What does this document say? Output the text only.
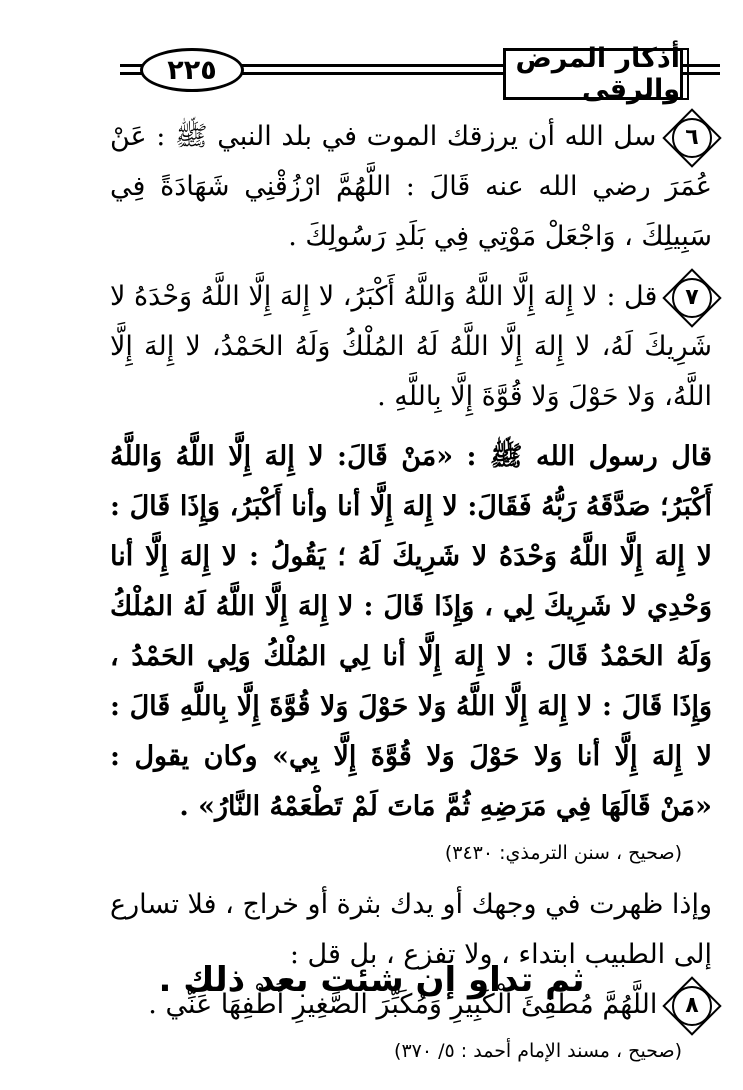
٢٢٥	أذكار المرض والرقى

٦ سل الله أن يرزقك الموت في بلد النبي ﷺ : عَنْ عُمَرَ رضي الله عنه قَالَ : اللَّهُمَّ ارْزُقْنِي شَهَادَةً فِي سَبِيلِكَ ، وَاجْعَلْ مَوْتِي فِي بَلَدِ رَسُولِكَ .

٧ قل : لا إِلهَ إِلَّا اللَّهُ وَاللَّهُ أَكْبَرُ، لا إِلهَ إِلَّا اللَّهُ وَحْدَهُ لا شَرِيكَ لَهُ، لا إِلهَ إِلَّا اللَّهُ لَهُ المُلْكُ وَلَهُ الحَمْدُ، لا إِلهَ إِلَّا اللَّهُ، وَلا حَوْلَ وَلا قُوَّةَ إِلَّا بِاللَّهِ .

قال رسول الله ﷺ : «مَنْ قَالَ: لا إِلهَ إِلَّا اللَّهُ وَاللَّهُ أَكْبَرُ؛ صَدَّقَهُ رَبُّهُ فَقَالَ: لا إِلهَ إِلَّا أنا وأنا أَكْبَرُ، وَإِذَا قَالَ : لا إِلهَ إِلَّا اللَّهُ وَحْدَهُ لا شَرِيكَ لَهُ ؛ يَقُولُ : لا إِلهَ إِلَّا أنا وَحْدِي لا شَرِيكَ لِي ، وَإِذَا قَالَ : لا إِلهَ إِلَّا اللَّهُ لَهُ المُلْكُ وَلَهُ الحَمْدُ قَالَ : لا إِلهَ إِلَّا أنا لِي المُلْكُ وَلِي الحَمْدُ ، وَإِذَا قَالَ : لا إِلهَ إِلَّا اللَّهُ وَلا حَوْلَ وَلا قُوَّةَ إِلَّا بِاللَّهِ قَالَ : لا إِلهَ إِلَّا أنا وَلا حَوْلَ وَلا قُوَّةَ إِلَّا بِي» وكان يقول : «مَنْ قَالَهَا فِي مَرَضِهِ ثُمَّ مَاتَ لَمْ تَطْعَمْهُ النَّارُ» .

(صحيح ، سنن الترمذي: ٣٤٣٠)

وإذا ظهرت في وجهك أو يدك بثرة أو خراج ، فلا تسارع إلى الطبيب ابتداء ، ولا تفزع ، بل قل :

٨ اللَّهُمَّ مُطْفِئَ الْكَبِيرِ وَمُكَبِّرَ الصَّغِيرِ أَطْفِهَا عَنِّي .

(صحيح ، مسند الإمام أحمد : ٥/ ٣٧٠)

ثم تداو إن شئت بعد ذلك .
